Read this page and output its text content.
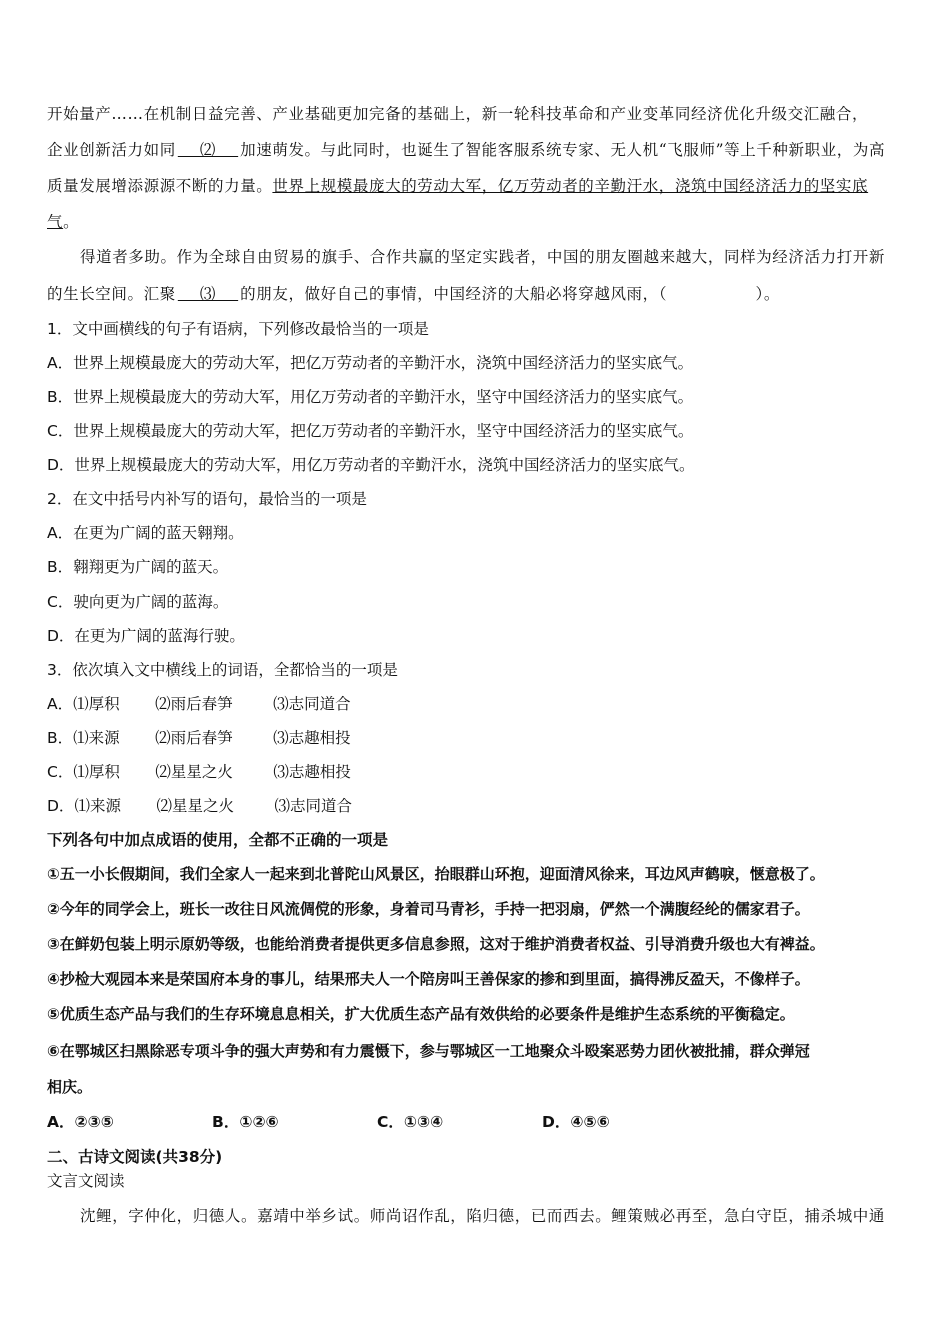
开始量产……在机制日益完善、产业基础更加完备的基础上，新一轮科技革命和产业变革同经济优化升级交汇融合，
企业创新活力如同    ⑵    加速萌发。与此同时，也诞生了智能客服系统专家、无人机“飞服师”等上千种新职业，为高
质量发展增添源源不断的力量。世界上规模最庞大的劳动大军，亿万劳动者的辛勤汗水，浇筑中国经济活力的坚实底
气。
得道者多助。作为全球自由贸易的旗手、合作共赢的坚定实践者，中国的朋友圈越来越大，同样为经济活力打开新
的生长空间。汇聚    ⑶    的朋友，做好自己的事情，中国经济的大船必将穿越风雨，（                ）。
1．文中画横线的句子有语病，下列修改最恰当的一项是
A．世界上规模最庞大的劳动大军，把亿万劳动者的辛勤汗水，浇筑中国经济活力的坚实底气。
B．世界上规模最庞大的劳动大军，用亿万劳动者的辛勤汗水，坚守中国经济活力的坚实底气。
C．世界上规模最庞大的劳动大军，把亿万劳动者的辛勤汗水，坚守中国经济活力的坚实底气。
D．世界上规模最庞大的劳动大军，用亿万劳动者的辛勤汗水，浇筑中国经济活力的坚实底气。
2．在文中括号内补写的语句，最恰当的一项是
A．在更为广阔的蓝天翱翔。
B．翱翔更为广阔的蓝天。
C．驶向更为广阔的蓝海。
D．在更为广阔的蓝海行驶。
3．依次填入文中横线上的词语，全都恰当的一项是
A．⑴厚积 ⑵雨后春笋	⑶志同道合
B．⑴来源 ⑵雨后春笋	⑶志趣相投
C．⑴厚积 ⑵星星之火	⑶志趣相投
D．⑴来源 ⑵星星之火	⑶志同道合
下列各句中加点成语的使用，全都不正确的一项是
①五一小长假期间，我们全家人一起来到北普陀山风景区，抬眼群山环抱，迎面清风徐来，耳边风声鹤唳，惬意极了。
②今年的同学会上，班长一改往日风流倜傥的形象，身着司马青衫，手持一把羽扇，俨然一个满腹经纶的儒家君子。
③在鲜奶包装上明示原奶等级，也能给消费者提供更多信息参照，这对于维护消费者权益、引导消费升级也大有裨益。
④抄检大观园本来是荣国府本身的事儿，结果邢夫人一个陪房叫王善保家的掺和到里面，搞得沸反盈天，不像样子。
⑤优质生态产品与我们的生存环境息息相关，扩大优质生态产品有效供给的必要条件是维护生态系统的平衡稳定。
⑥在鄂城区扫黑除恶专项斗争的强大声势和有力震慑下，参与鄂城区一工地聚众斗殴案恶势力团伙被批捕，群众弹冠
相庆。
A．②③⑤	B．①②⑥	C．①③④	D．④⑤⑥
二、古诗文阅读(共38分)
文言文阅读
沈鲤，字仲化，归德人。嘉靖中举乡试。师尚诏作乱，陷归德，已而西去。鲤策贼必再至，急白守臣，捕杀城中通
